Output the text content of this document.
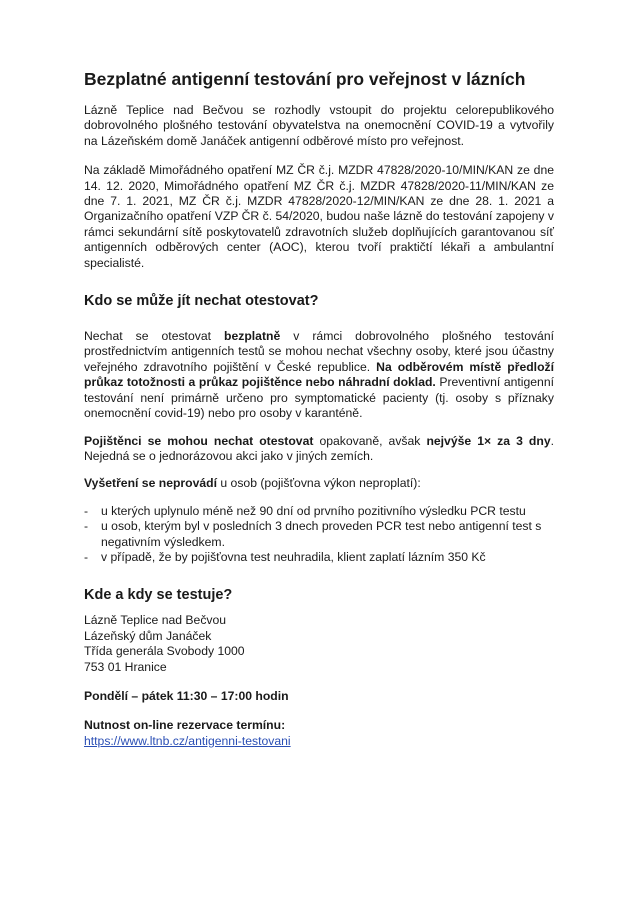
Bezplatné antigenní testování pro veřejnost v lázních

Lázně Teplice nad Bečvou se rozhodly vstoupit do projektu celorepublikového dobrovolného plošného testování obyvatelstva na onemocnění COVID-19 a vytvořily na Lázeňském domě Janáček antigenní odběrové místo pro veřejnost.

Na základě Mimořádného opatření MZ ČR č.j. MZDR 47828/2020-10/MIN/KAN ze dne 14. 12. 2020, Mimořádného opatření MZ ČR č.j. MZDR 47828/2020-11/MIN/KAN ze dne 7. 1. 2021, MZ ČR č.j. MZDR 47828/2020-12/MIN/KAN ze dne 28. 1. 2021 a Organizačního opatření VZP ČR č. 54/2020, budou naše lázně do testování zapojeny v rámci sekundární sítě poskytovatelů zdravotních služeb doplňujících garantovanou síť antigenních odběrových center (AOC), kterou tvoří praktičtí lékaři a ambulantní specialisté.

Kdo se může jít nechat otestovat?

Nechat se otestovat bezplatně v rámci dobrovolného plošného testování prostřednictvím antigenních testů se mohou nechat všechny osoby, které jsou účastny veřejného zdravotního pojištění v České republice. Na odběrovém místě předloží průkaz totožnosti a průkaz pojištěnce nebo náhradní doklad. Preventivní antigenní testování není primárně určeno pro symptomatické pacienty (tj. osoby s příznaky onemocnění covid-19) nebo pro osoby v karanténě.

Pojištěnci se mohou nechat otestovat opakovaně, avšak nejvýše 1× za 3 dny. Nejedná se o jednorázovou akci jako v jiných zemích.

Vyšetření se neprovádí u osob (pojišťovna výkon neproplatí):

- u kterých uplynulo méně než 90 dní od prvního pozitivního výsledku PCR testu
- u osob, kterým byl v posledních 3 dnech proveden PCR test nebo antigenní test s negativním výsledkem.
- v případě, že by pojišťovna test neuhradila, klient zaplatí lázním 350 Kč
Kde a kdy se testuje?

Lázně Teplice nad Bečvou

Lázeňský dům Janáček

Třída generála Svobody 1000

753 01 Hranice

Pondělí – pátek 11:30 – 17:00 hodin

Nutnost on-line rezervace termínu:

https://www.ltnb.cz/antigenni-testovani
